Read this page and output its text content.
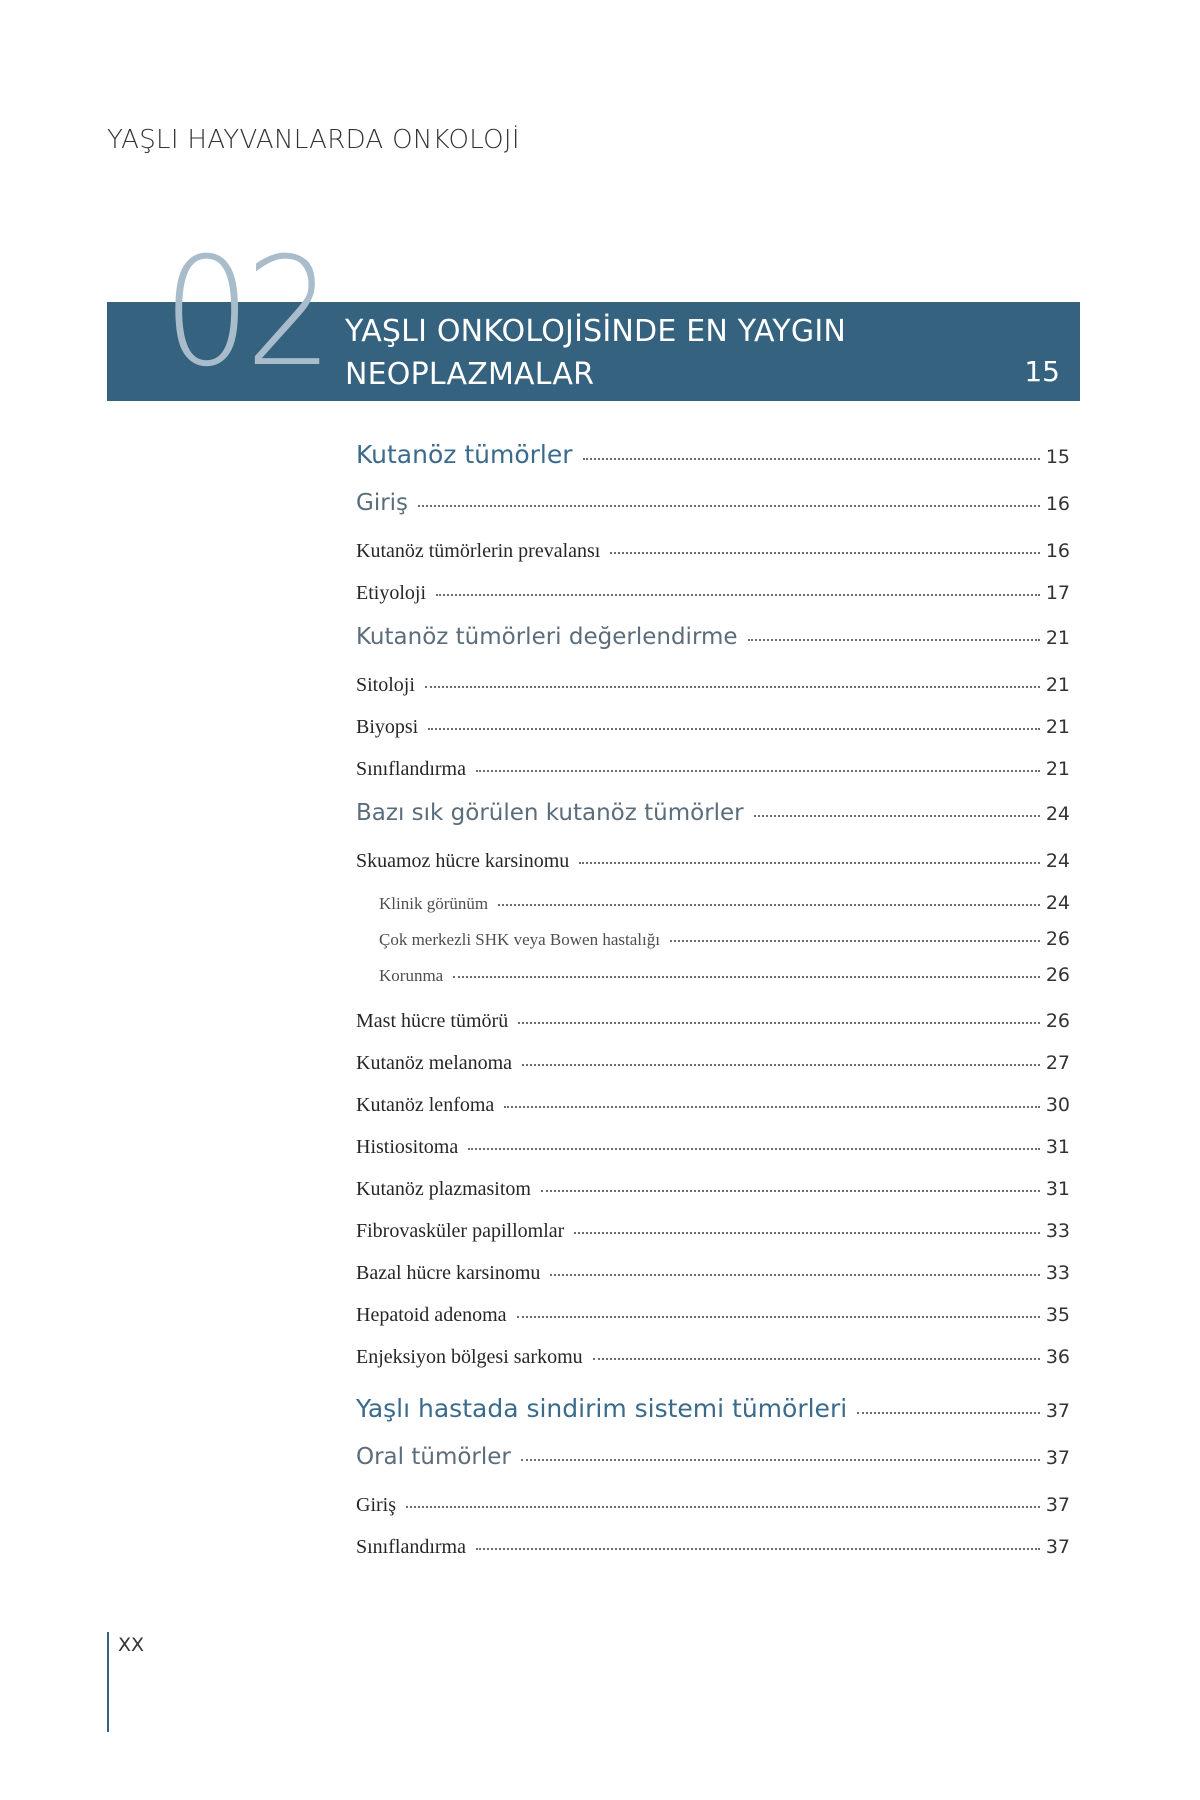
YAŞLI HAYVANLARDA ONKOLOJİ
02 YAŞLI ONKOLOJİSİNDE EN YAYGIN
NEOPLAZMALAR	15
Kutanöz tümörler	15
Giriş	16
Kutanöz tümörlerin prevalansı	16
Etiyoloji	17
Kutanöz tümörleri değerlendirme	21
Sitoloji	21
Biyopsi	21
Sınıflandırma	21
Bazı sık görülen kutanöz tümörler	24
Skuamoz hücre karsinomu	24
Klinik görünüm	24
Çok merkezli SHK veya Bowen hastalığı	26
Korunma	26
Mast hücre tümörü	26
Kutanöz melanoma	27
Kutanöz lenfoma	30
Histiositoma	31
Kutanöz plazmasitom	31
Fibrovasküler papillomlar	33
Bazal hücre karsinomu	33
Hepatoid adenoma	35
Enjeksiyon bölgesi sarkomu	36
Yaşlı hastada sindirim sistemi tümörleri	37
Oral tümörler	37
Giriş	37
Sınıflandırma	37
XX
